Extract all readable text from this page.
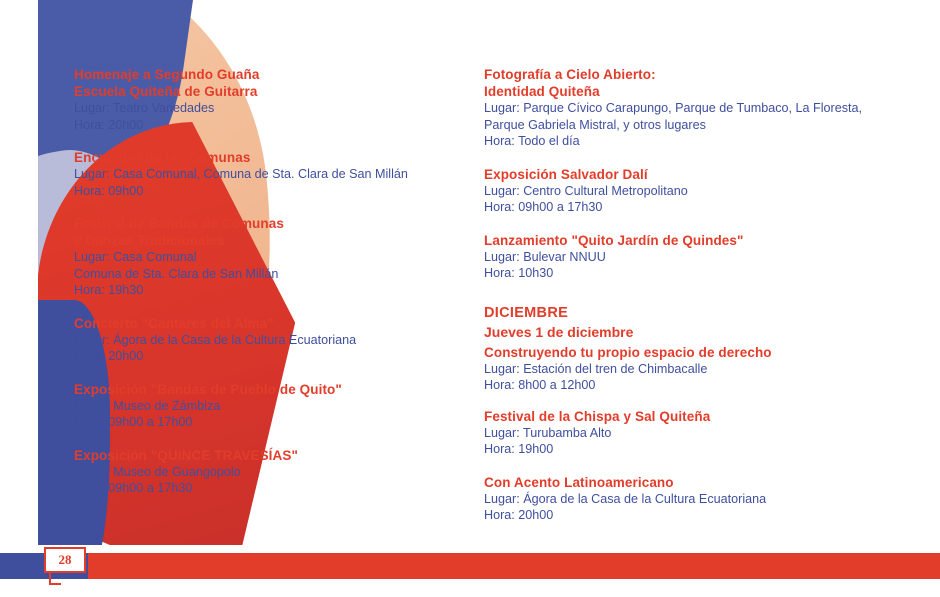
Homenaje a Segundo Guaña
Escuela Quiteña de Guitarra
Lugar: Teatro Variedades
Hora: 20h00
Encuentro de las Comunas
Lugar: Casa Comunal, Comuna de Sta. Clara de San Millán
Hora: 09h00
Festival de Bandas de Comunas
y Danzas Tradicionales
Lugar: Casa Comunal
Comuna de Sta. Clara de San Millán
Hora: 19h30
Concierto "Cantares del Alma"
Lugar: Ágora de la Casa de la Cultura Ecuatoriana
Hora: 20h00
Exposición "Bandas de Pueblo de Quito"
Lugar: Museo de Zámbiza
Hora: 09h00 a 17h00
Exposición "QUINCE TRAVESÍAS"
Lugar: Museo de Guangopolo
Hora: 09h00 a 17h30
Fotografía a Cielo Abierto:
Identidad Quiteña
Lugar: Parque Cívico Carapungo, Parque de Tumbaco, La Floresta,
Parque Gabriela Mistral, y otros lugares
Hora: Todo el día
Exposición Salvador Dalí
Lugar: Centro Cultural Metropolitano
Hora: 09h00 a 17h30
Lanzamiento "Quito Jardín de Quindes"
Lugar: Bulevar NNUU
Hora: 10h30
DICIEMBRE
Jueves 1 de diciembre
Construyendo tu propio espacio de derecho
Lugar: Estación del tren de Chimbacalle
Hora: 8h00 a 12h00
Festival de la Chispa y Sal Quiteña
Lugar: Turubamba Alto
Hora: 19h00
Con Acento Latinoamericano
Lugar: Ágora de la Casa de la Cultura Ecuatoriana
Hora: 20h00
28
